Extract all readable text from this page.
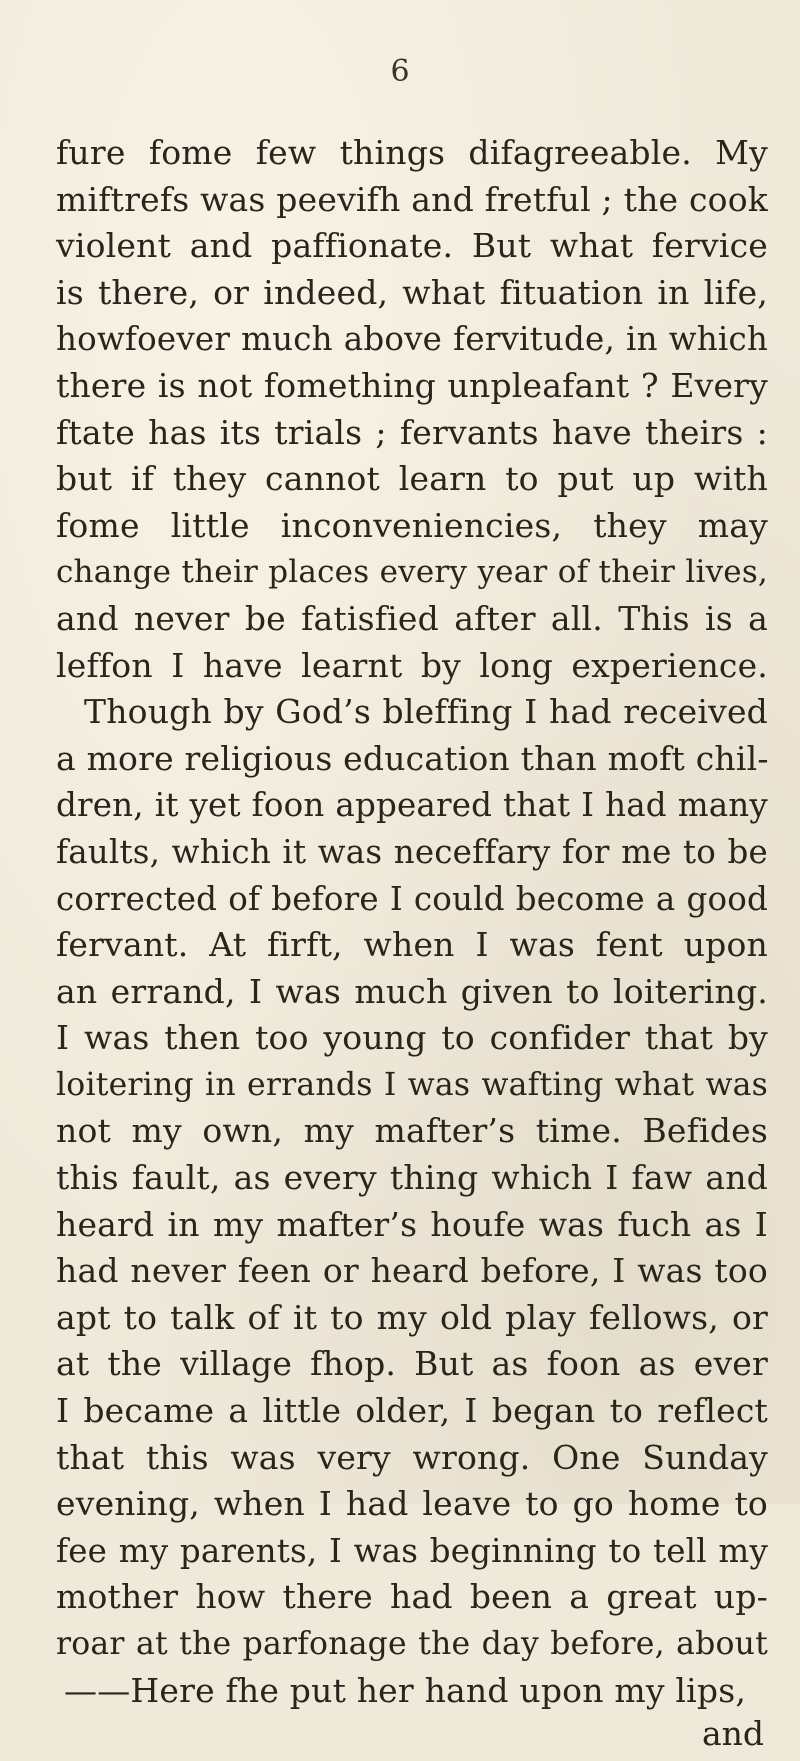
6
fure fome few things difagreeable. My
miftrefs was peevifh and fretful ; the cook
violent and paffionate. But what fervice
is there, or indeed, what fituation in life,
howfoever much above fervitude, in which
there is not fomething unpleafant ? Every
ftate has its trials ; fervants have theirs :
but if they cannot learn to put up with
fome little inconveniencies, they may
change their places every year of their lives,
and never be fatisfied after all. This is a
leffon I have learnt by long experience.
Though by God’s bleffing I had received
a more religious education than moft chil-
dren, it yet foon appeared that I had many
faults, which it was neceffary for me to be
corrected of before I could become a good
fervant. At firft, when I was fent upon
an errand, I was much given to loitering.
I was then too young to confider that by
loitering in errands I was wafting what was
not my own, my mafter’s time. Befides
this fault, as every thing which I faw and
heard in my mafter’s houfe was fuch as I
had never feen or heard before, I was too
apt to talk of it to my old play fellows, or
at the village fhop. But as foon as ever
I became a little older, I began to reflect
that this was very wrong. One Sunday
evening, when I had leave to go home to
fee my parents, I was beginning to tell my
mother how there had been a great up-
roar at the parfonage the day before, about
——Here fhe put her hand upon my lips,
and
